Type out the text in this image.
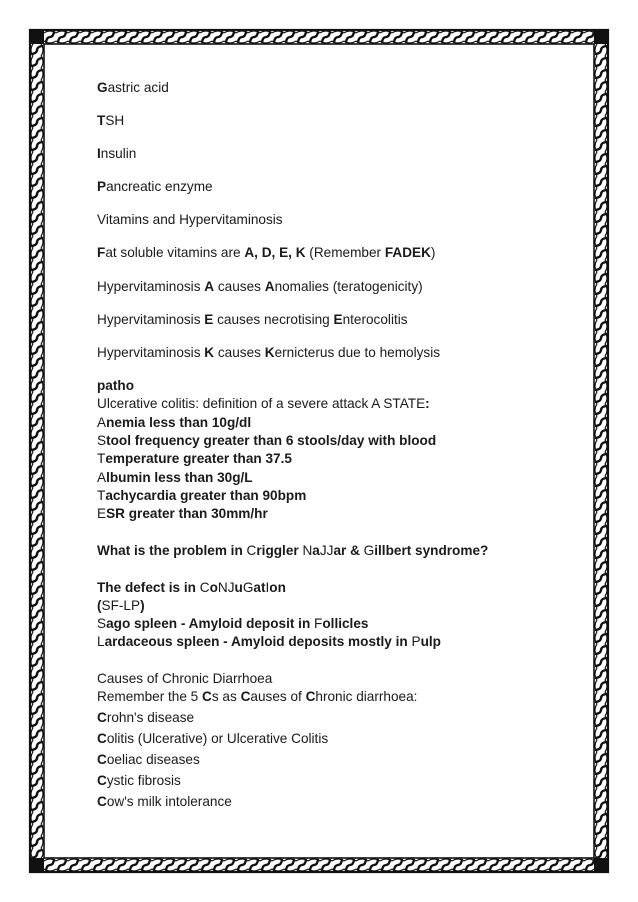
Gastric acid
TSH
Insulin
Pancreatic enzyme
Vitamins and Hypervitaminosis
Fat soluble vitamins are A, D, E, K (Remember FADEK)
Hypervitaminosis A causes Anomalies (teratogenicity)
Hypervitaminosis E causes necrotising Enterocolitis
Hypervitaminosis K causes Kernicterus due to hemolysis
patho
Ulcerative colitis: definition of a severe attack A STATE:
Anemia less than 10g/dl
Stool frequency greater than 6 stools/day with blood
Temperature greater than 37.5
Albumin less than 30g/L
Tachycardia greater than 90bpm
ESR greater than 30mm/hr
What is the problem in Criggler NaJJar & Gillbert syndrome?
The defect is in CoNJuGatIon
(SF-LP)
Sago spleen - Amyloid deposit in Follicles
Lardaceous spleen - Amyloid deposits mostly in Pulp
Causes of Chronic Diarrhoea
Remember the 5 Cs as Causes of Chronic diarrhoea:
Crohn's disease
Colitis (Ulcerative) or Ulcerative Colitis
Coeliac diseases
Cystic fibrosis
Cow's milk intolerance
